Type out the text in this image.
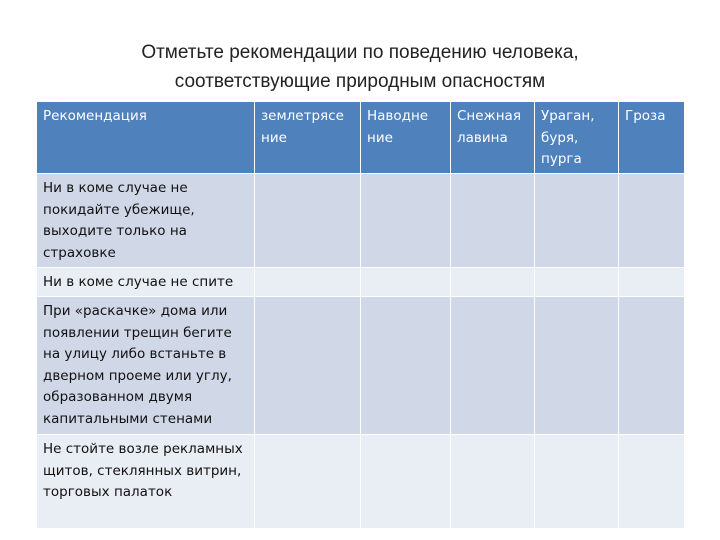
Отметьте рекомендации по поведению человека,
соответствующие природным опасностям
Рекомендация	землетрясе ние	Наводне ние	Снежная лавина	Ураган, буря, пурга	Гроза
Ни в коме случае не покидайте убежище, выходите только на страховке					
Ни в коме случае не спите					
При «раскачке» дома или появлении трещин бегите на улицу либо встаньте в дверном проеме или углу, образованном двумя капитальными стенами					
Не стойте возле рекламных щитов, стеклянных витрин, торговых палаток					
